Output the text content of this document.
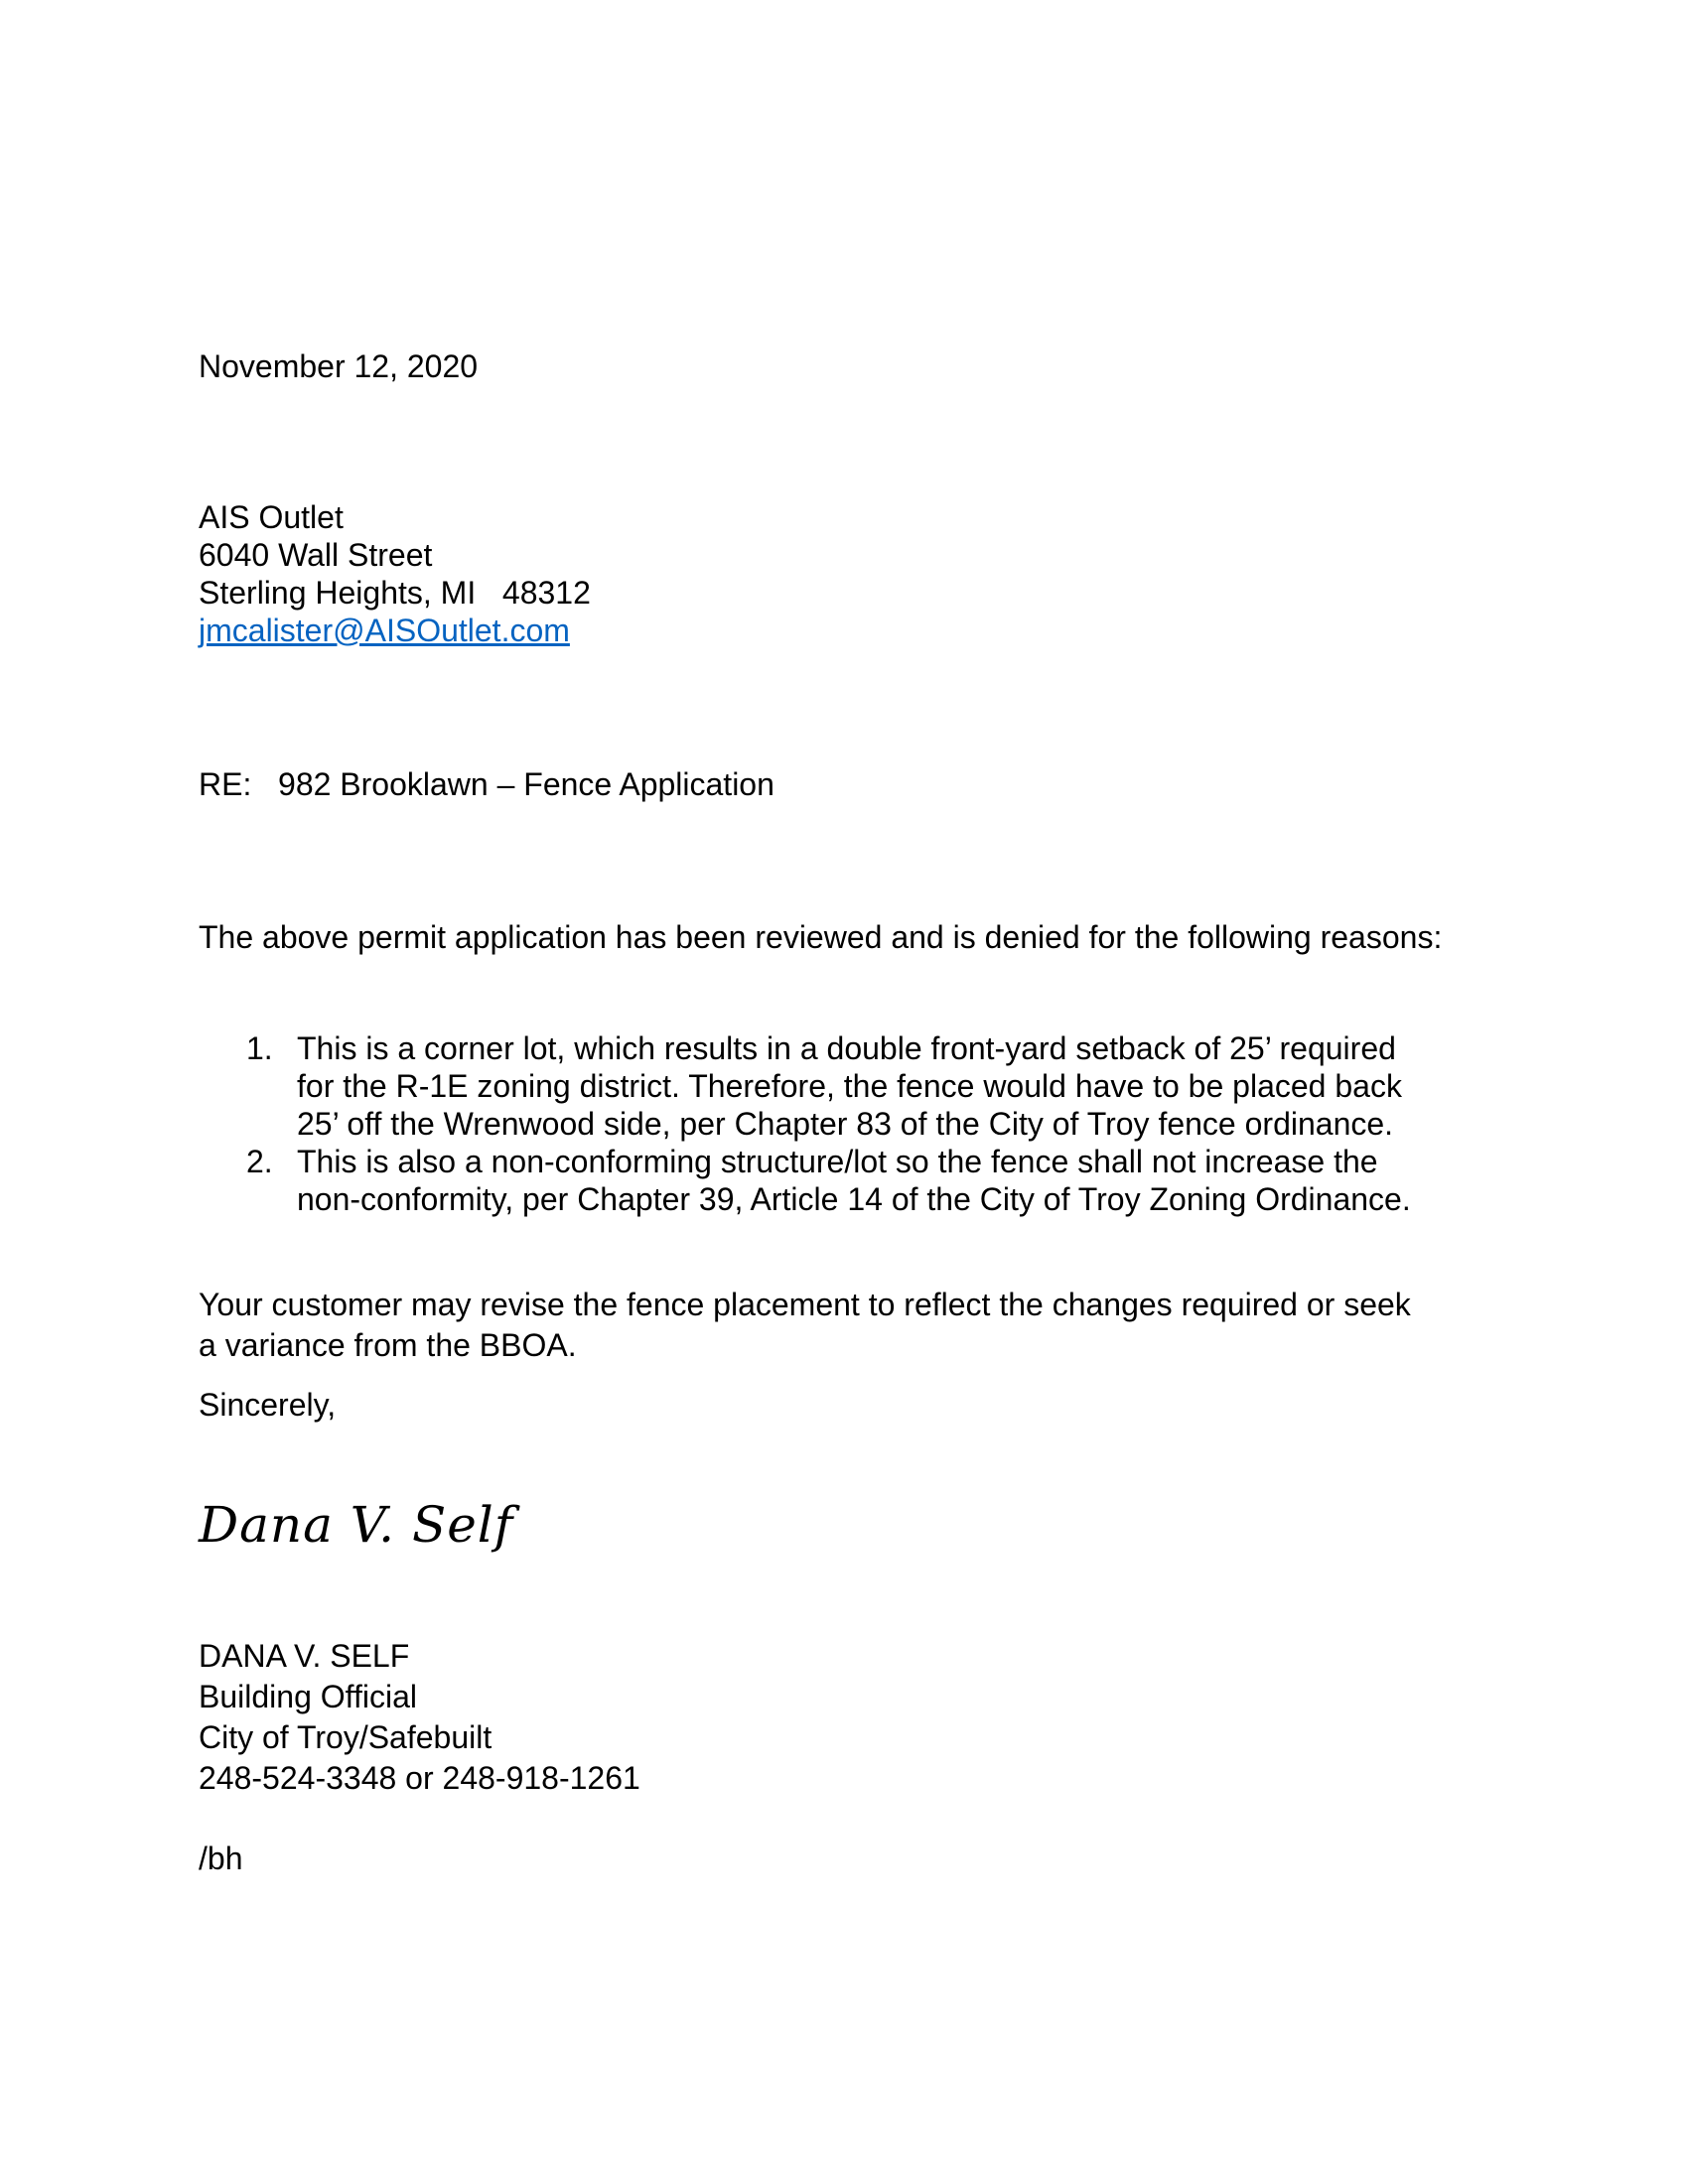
November 12, 2020
AIS Outlet
6040 Wall Street
Sterling Heights, MI   48312
jmcalister@AISOutlet.com
RE:   982 Brooklawn – Fence Application
The above permit application has been reviewed and is denied for the following reasons:
1. This is a corner lot, which results in a double front-yard setback of 25’ required
for the R-1E zoning district. Therefore, the fence would have to be placed back
25’ off the Wrenwood side, per Chapter 83 of the City of Troy fence ordinance.
2. This is also a non-conforming structure/lot so the fence shall not increase the
non-conformity, per Chapter 39, Article 14 of the City of Troy Zoning Ordinance.
Your customer may revise the fence placement to reflect the changes required or seek
a variance from the BBOA.
Sincerely,
Dana V. Self
DANA V. SELF
Building Official
City of Troy/Safebuilt
248-524-3348 or 248-918-1261
/bh
